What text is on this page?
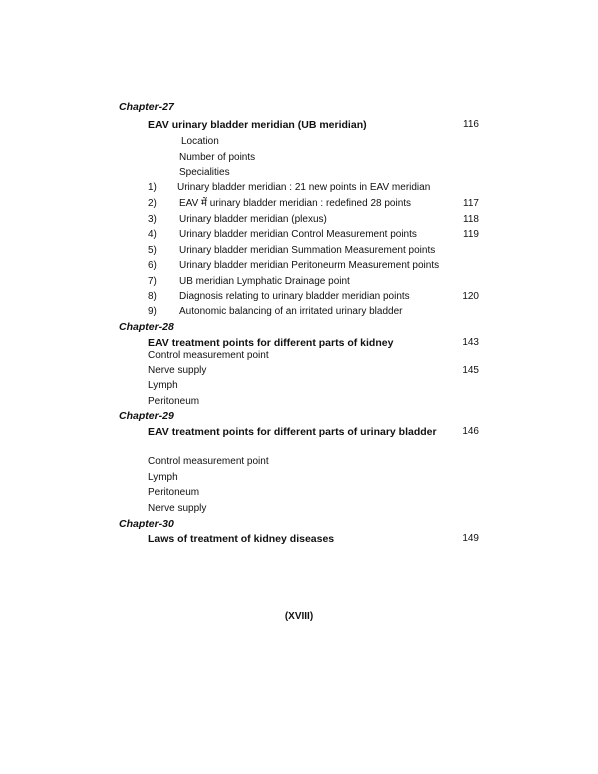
Chapter-27
EAV urinary bladder meridian (UB meridian)	116
Location
Number of points
Specialities
1) Urinary bladder meridian : 21 new points in EAV meridian
2) EAV में urinary bladder meridian : redefined 28 points	117
3) Urinary bladder meridian (plexus)	118
4) Urinary bladder meridian Control Measurement points	119
5) Urinary bladder meridian Summation Measurement points
6) Urinary bladder meridian Peritoneurm Measurement points
7) UB meridian Lymphatic Drainage point
8) Diagnosis relating to urinary bladder meridian points	120
9) Autonomic balancing of an irritated urinary bladder
Chapter-28
EAV treatment points for different parts of kidney	143
Control measurement point
Nerve supply	145
Lymph
Peritoneum
Chapter-29
EAV treatment points for different parts of urinary bladder	146
Control measurement point
Lymph
Peritoneum
Nerve supply
Chapter-30
Laws of treatment of kidney diseases	149
(XVIII)
